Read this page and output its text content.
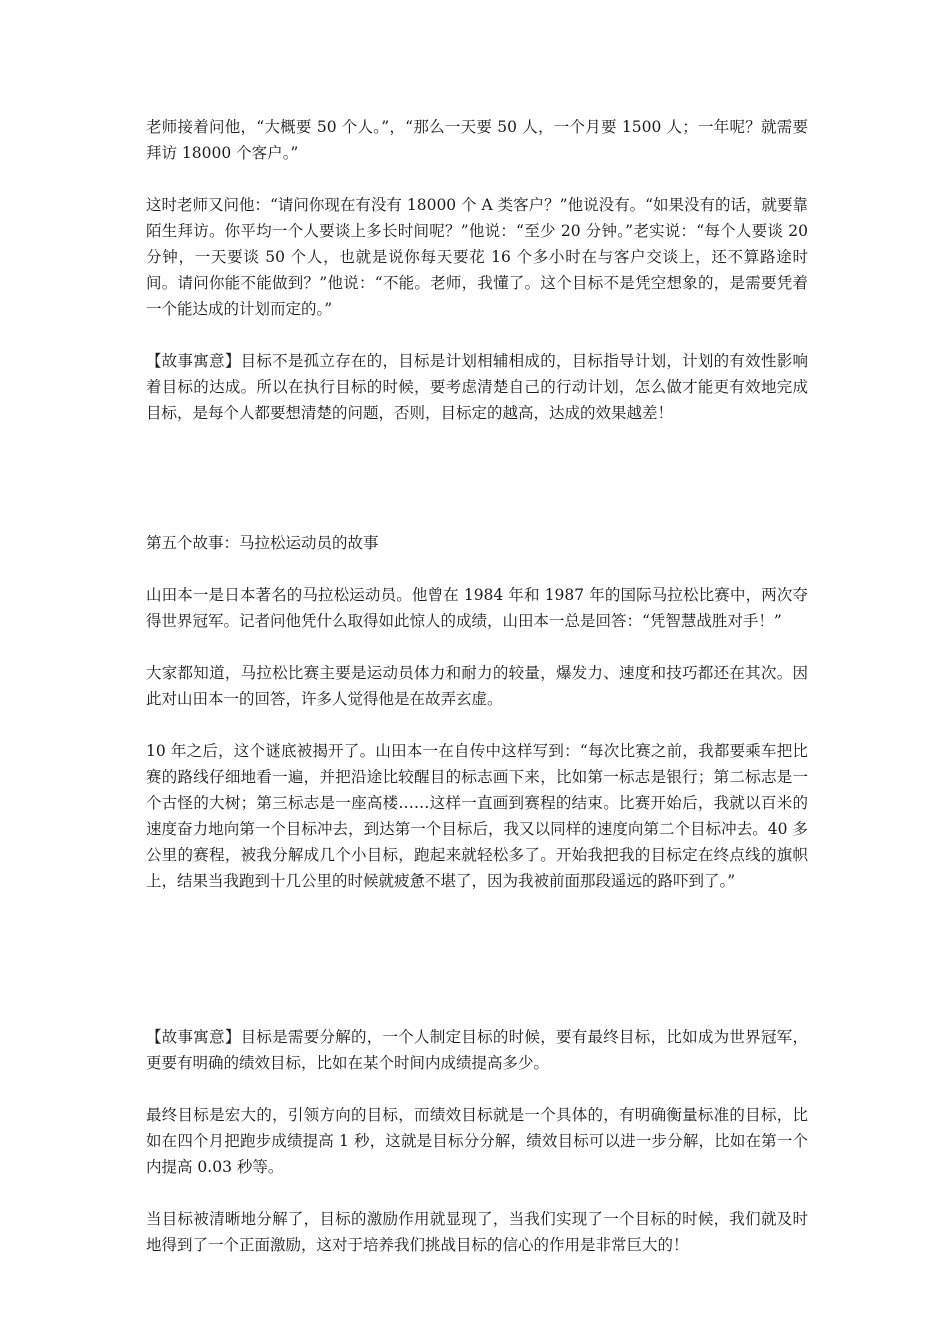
老师接着问他，“大概要 50 个人。”，“那么一天要 50 人，一个月要 1500 人；一年呢？就需要拜访 18000 个客户。”

这时老师又问他：“请问你现在有没有 18000 个 A 类客户？”他说没有。“如果没有的话，就要靠陌生拜访。你平均一个人要谈上多长时间呢？”他说：“至少 20 分钟。”老实说：“每个人要谈 20 分钟，一天要谈 50 个人，也就是说你每天要花 16 个多小时在与客户交谈上，还不算路途时间。请问你能不能做到？”他说：“不能。老师，我懂了。这个目标不是凭空想象的，是需要凭着一个能达成的计划而定的。”

【故事寓意】目标不是孤立存在的，目标是计划相辅相成的，目标指导计划，计划的有效性影响着目标的达成。所以在执行目标的时候，要考虑清楚自己的行动计划，怎么做才能更有效地完成目标，是每个人都要想清楚的问题，否则，目标定的越高，达成的效果越差！

第五个故事：马拉松运动员的故事

山田本一是日本著名的马拉松运动员。他曾在 1984 年和 1987 年的国际马拉松比赛中，两次夺得世界冠军。记者问他凭什么取得如此惊人的成绩，山田本一总是回答：“凭智慧战胜对手！”

大家都知道，马拉松比赛主要是运动员体力和耐力的较量，爆发力、速度和技巧都还在其次。因此对山田本一的回答，许多人觉得他是在故弄玄虚。

10 年之后，这个谜底被揭开了。山田本一在自传中这样写到：“每次比赛之前，我都要乘车把比赛的路线仔细地看一遍，并把沿途比较醒目的标志画下来，比如第一标志是银行；第二标志是一个古怪的大树；第三标志是一座高楼……这样一直画到赛程的结束。比赛开始后，我就以百米的速度奋力地向第一个目标冲去，到达第一个目标后，我又以同样的速度向第二个目标冲去。40 多公里的赛程，被我分解成几个小目标，跑起来就轻松多了。开始我把我的目标定在终点线的旗帜上，结果当我跑到十几公里的时候就疲惫不堪了，因为我被前面那段遥远的路吓到了。”

【故事寓意】目标是需要分解的，一个人制定目标的时候，要有最终目标，比如成为世界冠军，更要有明确的绩效目标，比如在某个时间内成绩提高多少。

最终目标是宏大的，引领方向的目标，而绩效目标就是一个具体的，有明确衡量标准的目标，比如在四个月把跑步成绩提高 1 秒，这就是目标分分解，绩效目标可以进一步分解，比如在第一个内提高 0.03 秒等。

当目标被清晰地分解了，目标的激励作用就显现了，当我们实现了一个目标的时候，我们就及时地得到了一个正面激励，这对于培养我们挑战目标的信心的作用是非常巨大的！
